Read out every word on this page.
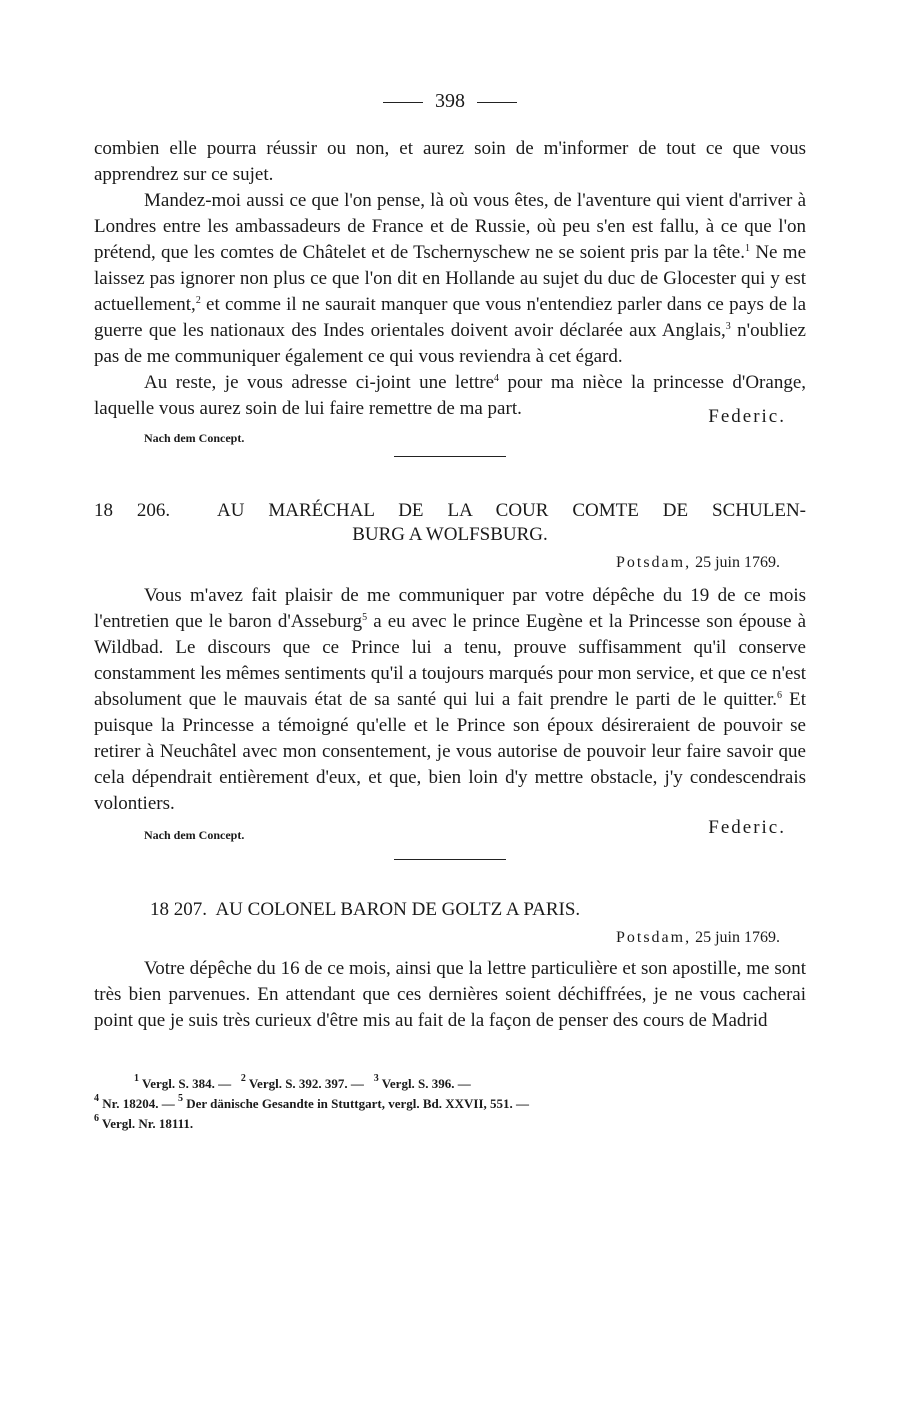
398

combien elle pourra réussir ou non, et aurez soin de m'informer de tout ce que vous apprendrez sur ce sujet.

Mandez-moi aussi ce que l'on pense, là où vous êtes, de l'aventure qui vient d'arriver à Londres entre les ambassadeurs de France et de Russie, où peu s'en est fallu, à ce que l'on prétend, que les comtes de Châtelet et de Tschernyschew ne se soient pris par la tête.$^1$ Ne me laissez pas ignorer non plus ce que l'on dit en Hollande au sujet du duc de Glocester qui y est actuellement,$^2$ et comme il ne saurait manquer que vous n'entendiez parler dans ce pays de la guerre que les nationaux des Indes orientales doivent avoir déclarée aux Anglais,$^3$ n'oubliez pas de me communiquer également ce qui vous reviendra à cet égard.

Au reste, je vous adresse ci-joint une lettre$^4$ pour ma nièce la princesse d'Orange, laquelle vous aurez soin de lui faire remettre de ma part.	Federic.
Nach dem Concept.
18 206. AU MARÉCHAL DE LA COUR COMTE DE SCHULEN-
BURG A WOLFSBURG.
Potsdam, 25 juin 1769.

Vous m'avez fait plaisir de me communiquer par votre dépêche du 19 de ce mois l'entretien que le baron d'Asseburg$^5$ a eu avec le prince Eugène et la Princesse son épouse à Wildbad. Le discours que ce Prince lui a tenu, prouve suffisamment qu'il conserve constamment les mêmes sentiments qu'il a toujours marqués pour mon service, et que ce n'est absolument que le mauvais état de sa santé qui lui a fait prendre le parti de le quitter.$^6$ Et puisque la Princesse a témoigné qu'elle et le Prince son époux désireraient de pouvoir se retirer à Neuchâtel avec mon consentement, je vous autorise de pouvoir leur faire savoir que cela dépendrait entièrement d'eux, et que, bien loin d'y mettre obstacle, j'y condescendrais volontiers.

Federic.
Nach dem Concept.
18 207. AU COLONEL BARON DE GOLTZ A PARIS.
Potsdam, 25 juin 1769.

Votre dépêche du 16 de ce mois, ainsi que la lettre particulière et son apostille, me sont très bien parvenues. En attendant que ces dernières soient déchiffrées, je ne vous cacherai point que je suis très curieux d'être mis au fait de la façon de penser des cours de Madrid

$^1$ Vergl. S. 384. — $^2$ Vergl. S. 392. 397. — $^3$ Vergl. S. 396. —
$^4$ Nr. 18204. — $^5$ Der dänische Gesandte in Stuttgart, vergl. Bd. XXVII, 551. —
$^6$ Vergl. Nr. 18111.
